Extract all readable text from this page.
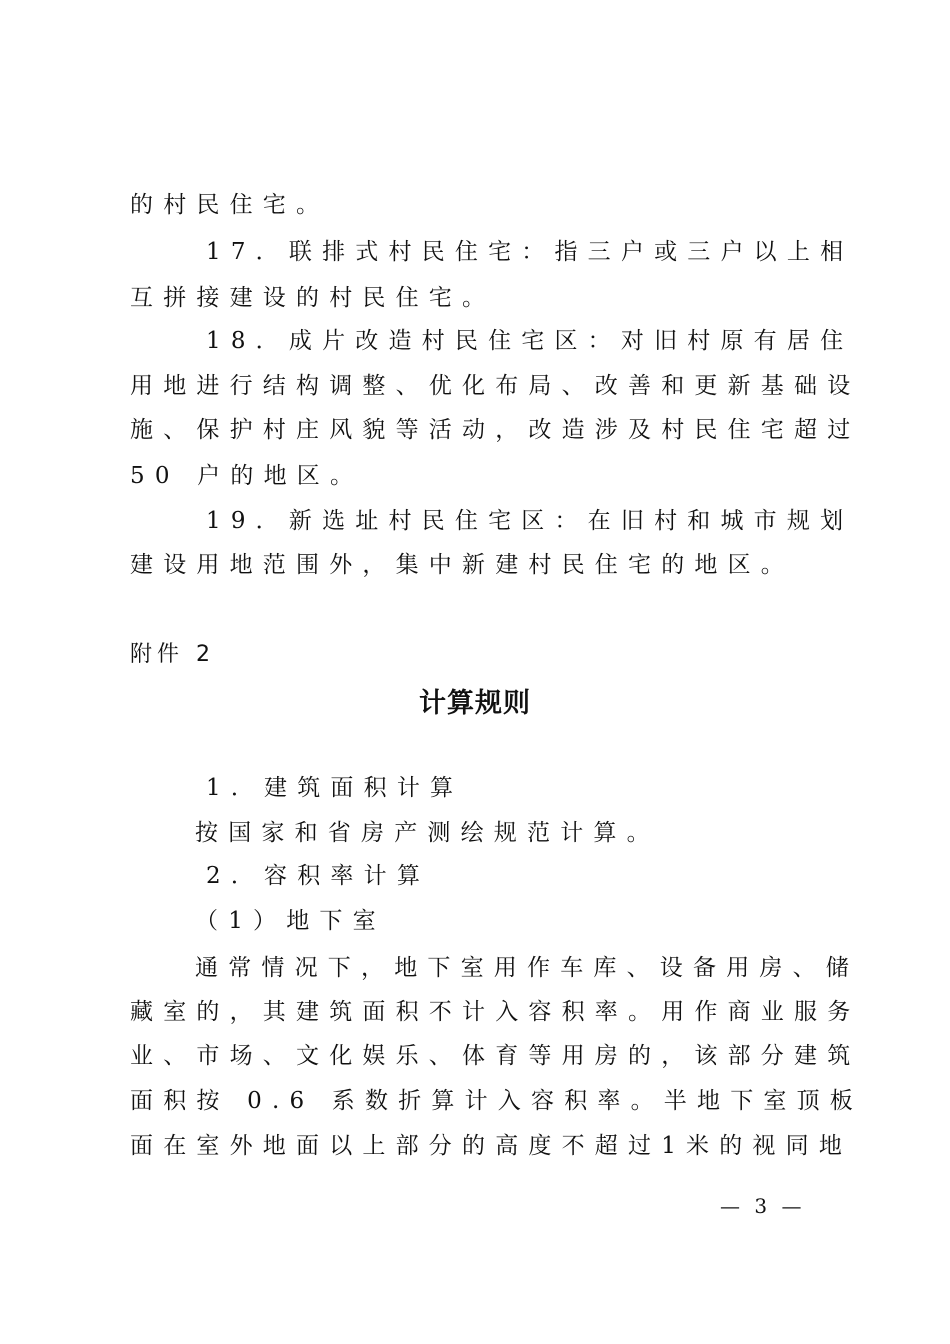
的村民住宅。
17．联排式村民住宅：指三户或三户以上相
互拼接建设的村民住宅。
18．成片改造村民住宅区：对旧村原有居住
用地进行结构调整、优化布局、改善和更新基础设
施、保护村庄风貌等活动，改造涉及村民住宅超过
50 户的地区。
19．新选址村民住宅区：在旧村和城市规划
建设用地范围外，集中新建村民住宅的地区。
附件 2
计算规则
1．建筑面积计算
按国家和省房产测绘规范计算。
2．容积率计算
（1）地下室
通常情况下，地下室用作车库、设备用房、储
藏室的，其建筑面积不计入容积率。用作商业服务
业、市场、文化娱乐、体育等用房的，该部分建筑
面积按 0.6 系数折算计入容积率。半地下室顶板
面在室外地面以上部分的高度不超过1米的视同地
— 3 —
